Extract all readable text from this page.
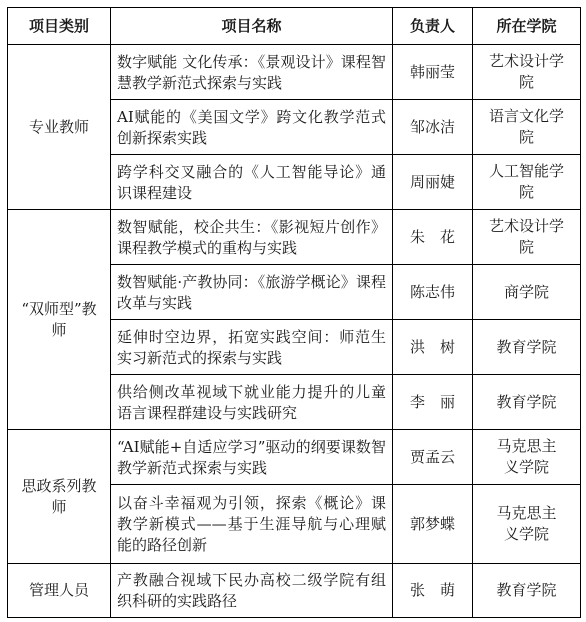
项目类别	项目名称	负责人	所在学院
专业教师	数字赋能 文化传承：《景观设计》课程智慧教学新范式探索与实践	韩丽莹	艺术设计学院
	AI赋能的《美国文学》跨文化教学范式创新探索实践	邹冰洁	语言文化学院
	跨学科交叉融合的《人工智能导论》通识课程建设	周丽婕	人工智能学院
“双师型”教师	数智赋能，校企共生：《影视短片创作》课程教学模式的重构与实践	朱　花	艺术设计学院
	数智赋能·产教协同：《旅游学概论》课程改革与实践	陈志伟	商学院
	延伸时空边界，拓宽实践空间：师范生实习新范式的探索与实践	洪　树	教育学院
	供给侧改革视域下就业能力提升的儿童语言课程群建设与实践研究	李　丽	教育学院
思政系列教师	“AI赋能+自适应学习”驱动的纲要课数智教学新范式探索与实践	贾孟云	马克思主义学院
	以奋斗幸福观为引领，探索《概论》课教学新模式——基于生涯导航与心理赋能的路径创新	郭梦蝶	马克思主义学院
管理人员	产教融合视域下民办高校二级学院有组织科研的实践路径	张　萌	教育学院
